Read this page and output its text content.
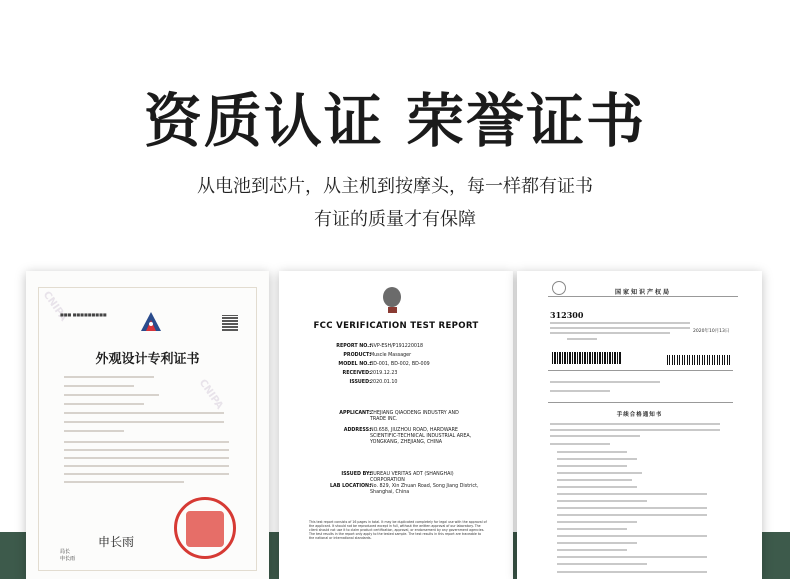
资质认证 荣誉证书
从电池到芯片，从主机到按摩头，每一样都有证书
有证的质量才有保障
CNIPA
CNIPA
■■■ ■■■■■■■■■
外观设计专利证书
申长雨
局长
申长雨
FCC VERIFICATION TEST REPORT
REPORT NO.: NVP-ESH/P191220018
PRODUCT: Muscle Massager
MODEL NO.: BD-001, BD-002, BD-009
RECEIVED: 2019.12.23
ISSUED: 2020.01.10
APPLICANT: ZHEJIANG QIAODENG INDUSTRY AND TRADE INC.
ADDRESS: NO.658, JIUZHOU ROAD, HARDWARE SCIENTIFIC-TECHNICAL INDUSTRIAL AREA, YONGKANG, ZHEJIANG, CHINA
ISSUED BY: BUREAU VERITAS ADT (SHANGHAI) CORPORATION
LAB LOCATION: No. 829, Xin Zhuan Road, Song Jiang District, Shanghai, China
This test report consists of 16 pages in total. It may be duplicated completely for legal use with the approval of the applicant. It should not be reproduced except in full, without the written approval of our laboratory. The client should not use it to claim product certification, approval, or endorsement by any government agencies. The test results in the report only apply to the tested sample. The test results in this report are traceable to the national or international standards.
国家知识产权局
312300
2020年10月13日
手续合格通知书
